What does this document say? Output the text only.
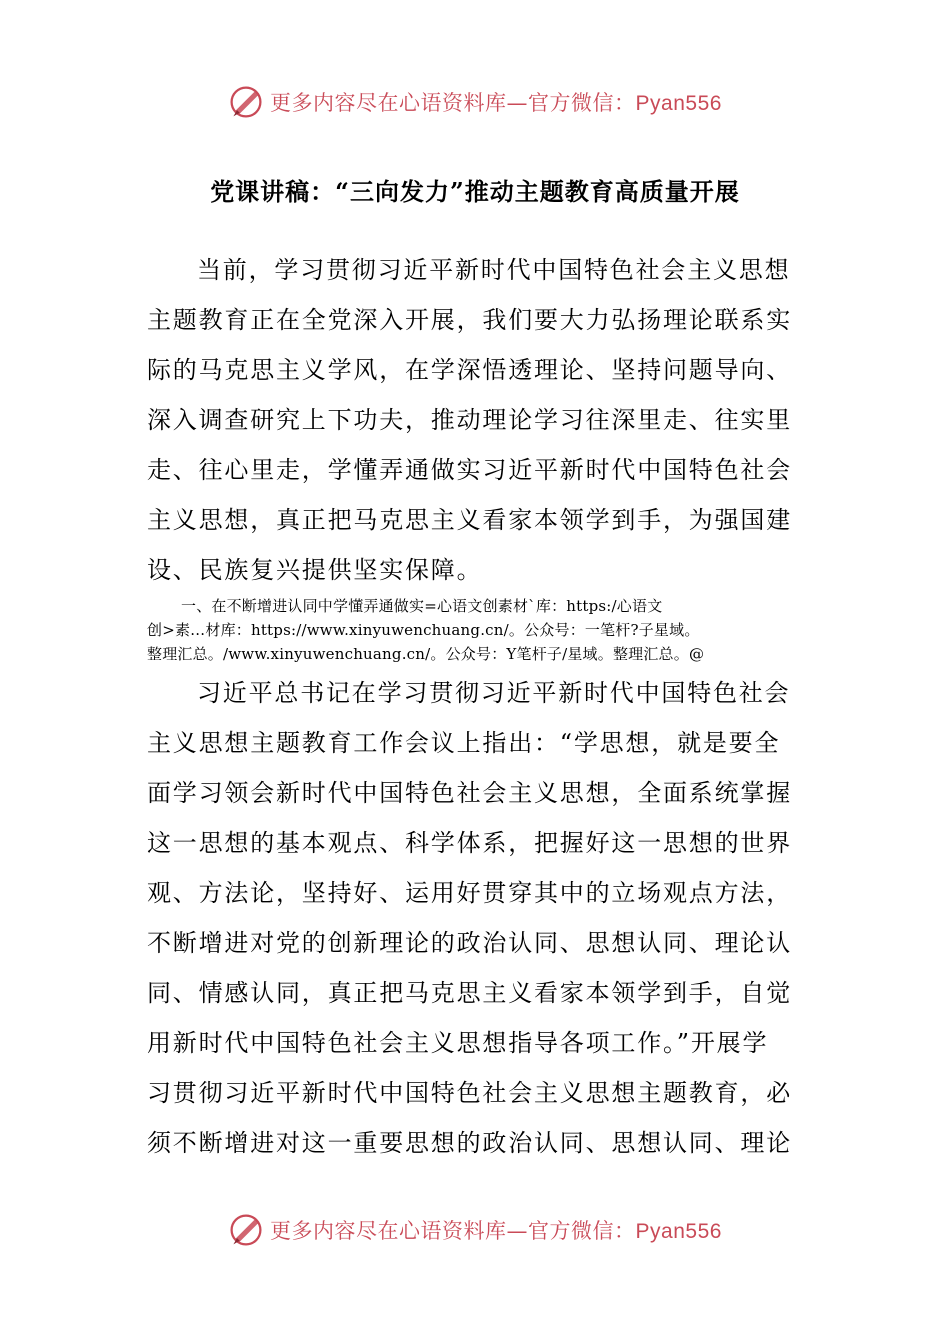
更多内容尽在心语资料库—官方微信：Pyan556
党课讲稿：“三向发力”推动主题教育高质量开展
当前，学习贯彻习近平新时代中国特色社会主义思想
主题教育正在全党深入开展，我们要大力弘扬理论联系实
际的马克思主义学风，在学深悟透理论、坚持问题导向、
深入调查研究上下功夫，推动理论学习往深里走、往实里
走、往心里走，学懂弄通做实习近平新时代中国特色社会
主义思想，真正把马克思主义看家本领学到手，为强国建
设、民族复兴提供坚实保障。
一、在不断增进认同中学懂弄通做实=心语文创素材`库：https:/心语文
创>素…材库：https://www.xinyuwenchuang.cn/。公众号：一笔杆?子星域。
整理汇总。/www.xinyuwenchuang.cn/。公众号：Y笔杆子/星域。整理汇总。@
习近平总书记在学习贯彻习近平新时代中国特色社会
主义思想主题教育工作会议上指出：“学思想，就是要全
面学习领会新时代中国特色社会主义思想，全面系统掌握
这一思想的基本观点、科学体系，把握好这一思想的世界
观、方法论，坚持好、运用好贯穿其中的立场观点方法，
不断增进对党的创新理论的政治认同、思想认同、理论认
同、情感认同，真正把马克思主义看家本领学到手，自觉
用新时代中国特色社会主义思想指导各项工作。”开展学
习贯彻习近平新时代中国特色社会主义思想主题教育，必
须不断增进对这一重要思想的政治认同、思想认同、理论
更多内容尽在心语资料库—官方微信：Pyan556
